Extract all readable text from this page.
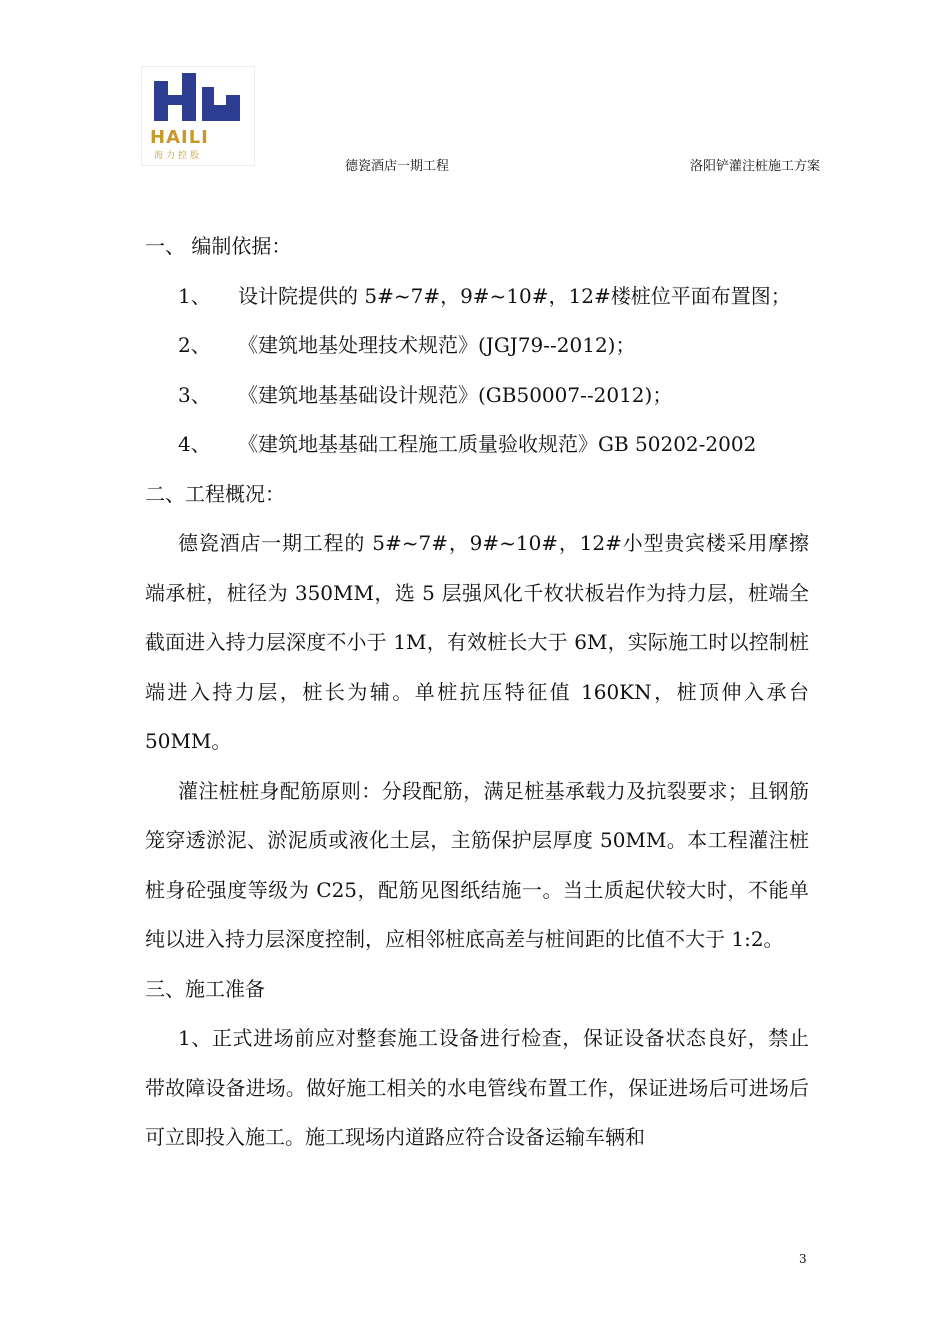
HAILI
海力控股
德瓷酒店一期工程	洛阳铲灌注桩施工方案

一、 编制依据：

1、 设计院提供的 5#~7#，9#~10#，12#楼桩位平面布置图；

2、 《建筑地基处理技术规范》(JGJ79--2012)；

3、 《建筑地基基础设计规范》(GB50007--2012)；

4、 《建筑地基基础工程施工质量验收规范》GB 50202-2002

二、工程概况：

德瓷酒店一期工程的 5#~7#，9#~10#，12#小型贵宾楼采用摩擦端承桩，桩径为 350MM，选 5 层强风化千枚状板岩作为持力层，桩端全截面进入持力层深度不小于 1M，有效桩长大于 6M，实际施工时以控制桩端进入持力层，桩长为辅。单桩抗压特征值 160KN，桩顶伸入承台 50MM。

灌注桩桩身配筋原则：分段配筋，满足桩基承载力及抗裂要求；且钢筋笼穿透淤泥、淤泥质或液化土层，主筋保护层厚度 50MM。本工程灌注桩桩身砼强度等级为 C25，配筋见图纸结施一。当土质起伏较大时，不能单纯以进入持力层深度控制，应相邻桩底高差与桩间距的比值不大于 1:2。

三、施工准备

1、正式进场前应对整套施工设备进行检查，保证设备状态良好，禁止带故障设备进场。做好施工相关的水电管线布置工作，保证进场后可进场后可立即投入施工。施工现场内道路应符合设备运输车辆和

3
